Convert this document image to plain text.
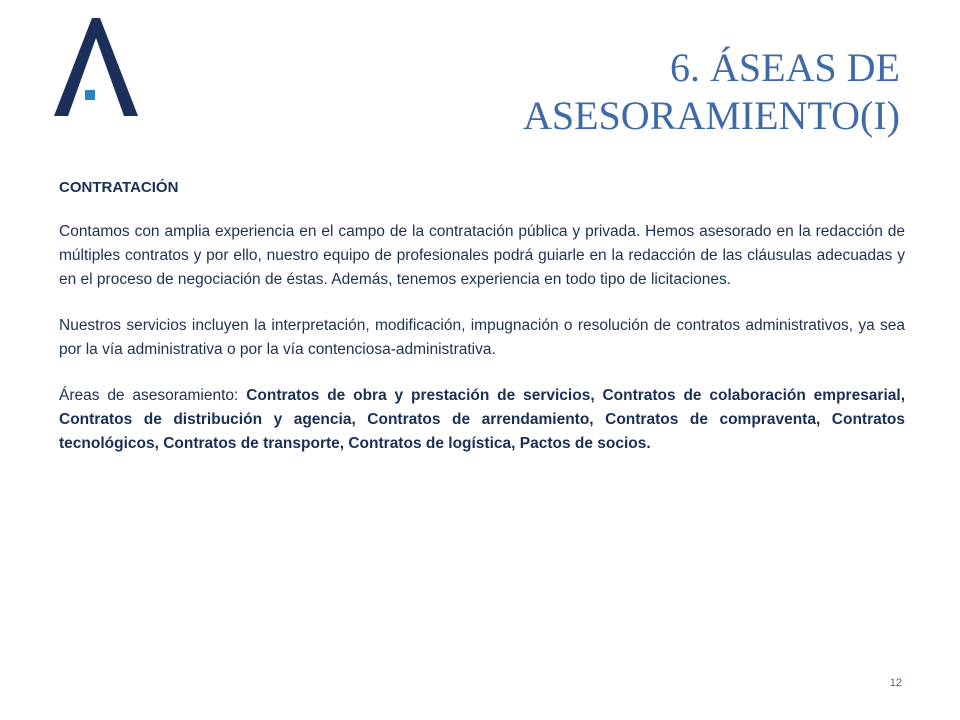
6. ÁSEAS DE
ASESORAMIENTO(I)

CONTRATACIÓN

Contamos con amplia experiencia en el campo de la contratación pública y privada. Hemos asesorado en la redacción de múltiples contratos y por ello, nuestro equipo de profesionales podrá guiarle en la redacción de las cláusulas adecuadas y en el proceso de negociación de éstas. Además, tenemos experiencia en todo tipo de licitaciones.

Nuestros servicios incluyen la interpretación, modificación, impugnación o resolución de contratos administrativos, ya sea por la vía administrativa o por la vía contenciosa-administrativa.

Áreas de asesoramiento: Contratos de obra y prestación de servicios, Contratos de colaboración empresarial, Contratos de distribución y agencia, Contratos de arrendamiento, Contratos de compraventa, Contratos tecnológicos, Contratos de transporte, Contratos de logística, Pactos de socios.

12
